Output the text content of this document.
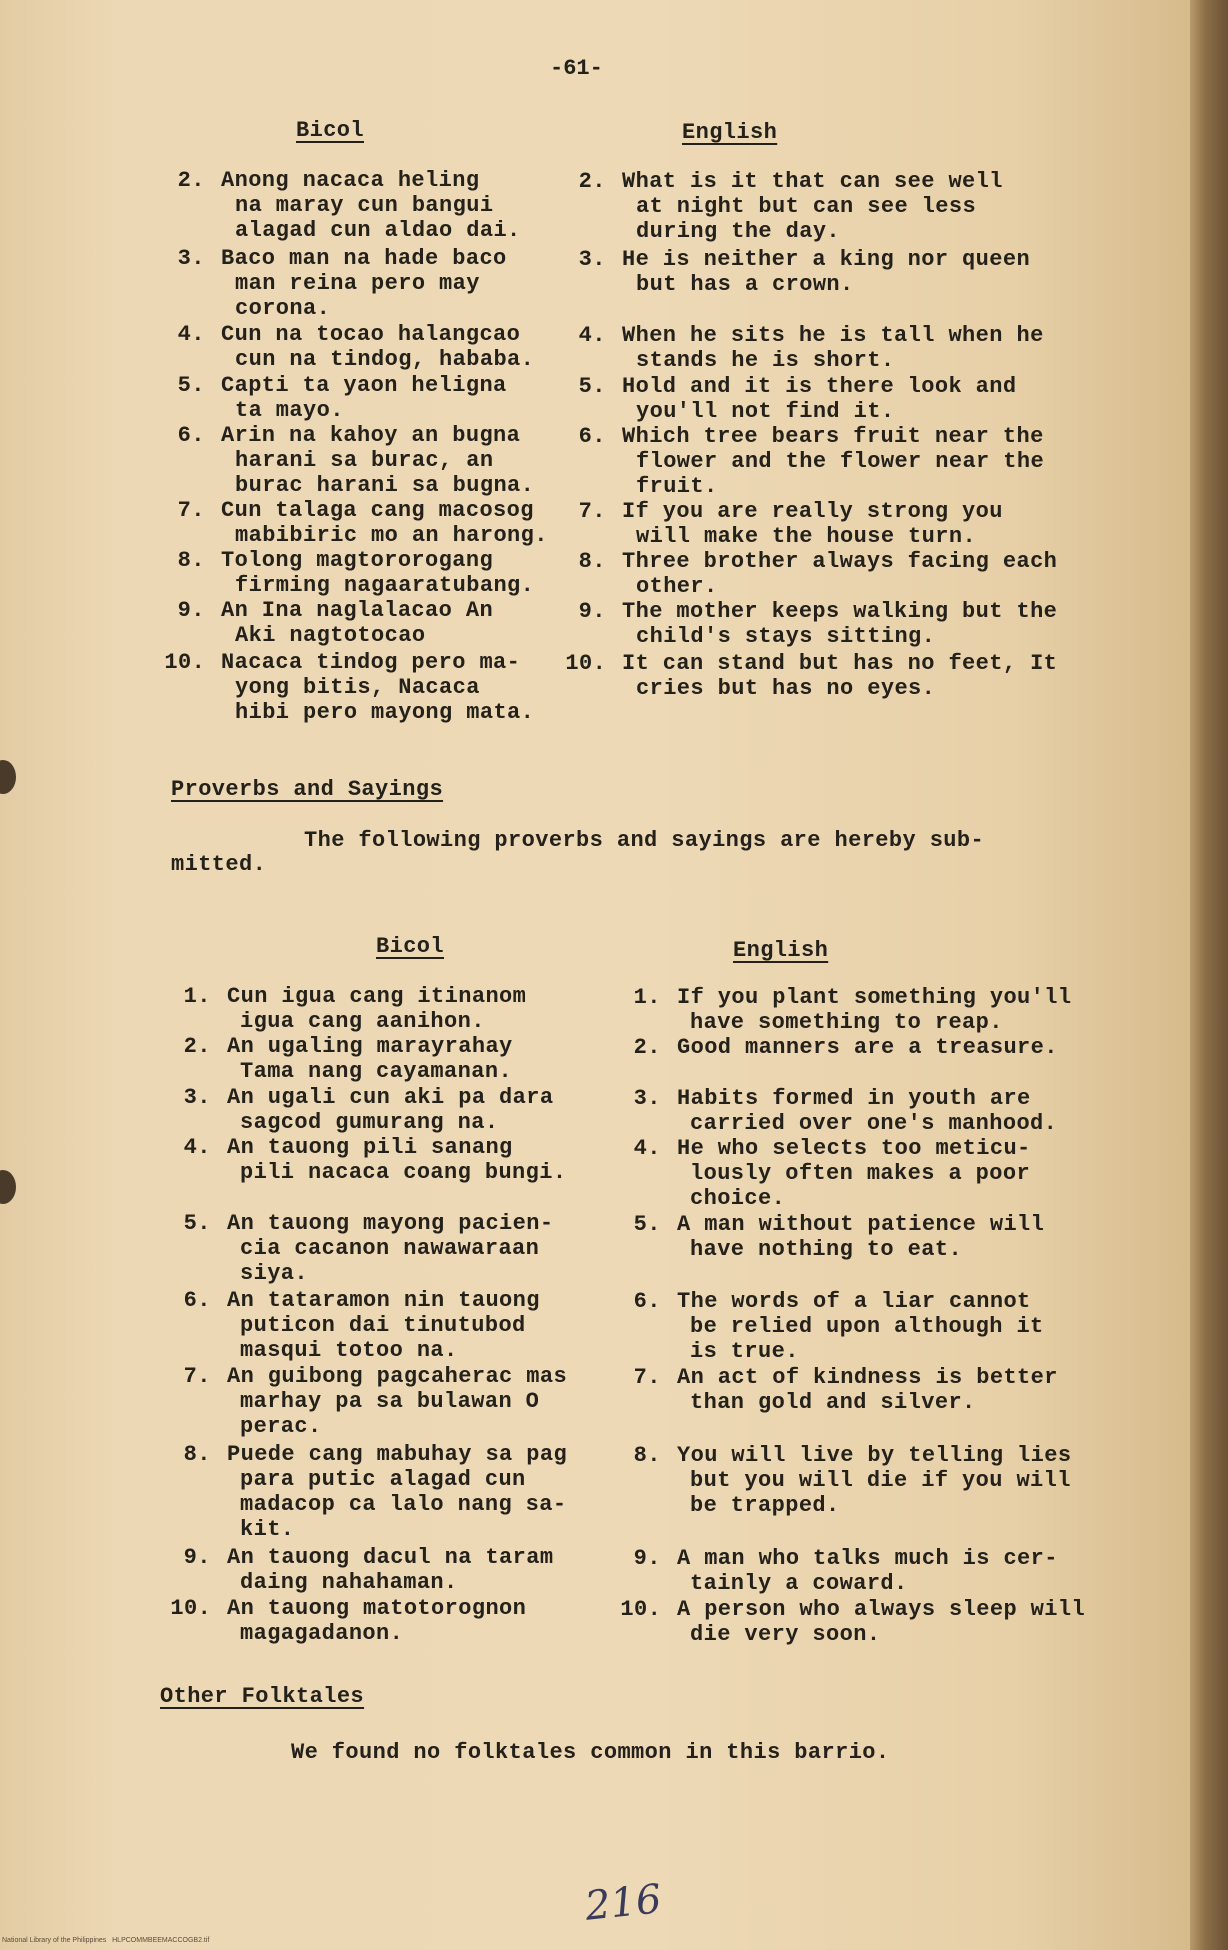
-61-
Bicol	English
2. Anong nacaca heling
na maray cun bangui
alagad cun aldao dai.
2. What is it that can see well
at night but can see less
during the day.
3. Baco man na hade baco
man reina pero may
corona.
3. He is neither a king nor queen
but has a crown.
4. Cun na tocao halangcao
cun na tindog, hababa.
4. When he sits he is tall when he
stands he is short.
5. Capti ta yaon heligna
ta mayo.
5. Hold and it is there look and
you'll not find it.
6. Arin na kahoy an bugna
harani sa burac, an
burac harani sa bugna.
6. Which tree bears fruit near the
flower and the flower near the
fruit.
7. Cun talaga cang macosog
mabibiric mo an harong.
7. If you are really strong you
will make the house turn.
8. Tolong magtororogang
firming nagaaratubang.
8. Three brother always facing each
other.
9. An Ina naglalacao An
Aki nagtotocao
9. The mother keeps walking but the
child's stays sitting.
10. Nacaca tindog pero ma-
yong bitis, Nacaca
hibi pero mayong mata.
10. It can stand but has no feet, It
cries but has no eyes.
Proverbs and Sayings
The following proverbs and sayings are hereby sub-
mitted.
Bicol	English
1. Cun igua cang itinanom
igua cang aanihon.
1. If you plant something you'll
have something to reap.
2. An ugaling marayrahay
Tama nang cayamanan.
2. Good manners are a treasure.
3. An ugali cun aki pa dara
sagcod gumurang na.
3. Habits formed in youth are
carried over one's manhood.
4. An tauong pili sanang
pili nacaca coang bungi.
4. He who selects too meticu-
lously often makes a poor
choice.
5. An tauong mayong pacien-
cia cacanon nawawaraan
siya.
5. A man without patience will
have nothing to eat.
6. An tataramon nin tauong
puticon dai tinutubod
masqui totoo na.
6. The words of a liar cannot
be relied upon although it
is true.
7. An guibong pagcaherac mas
marhay pa sa bulawan O
perac.
7. An act of kindness is better
than gold and silver.
8. Puede cang mabuhay sa pag
para putic alagad cun
madacop ca lalo nang sa-
kit.
8. You will live by telling lies
but you will die if you will
be trapped.
9. An tauong dacul na taram
daing nahahaman.
9. A man who talks much is cer-
tainly a coward.
10. An tauong matotorognon
magagadanon.
10. A person who always sleep will
die very soon.
Other Folktales
We found no folktales common in this barrio.
216
National Library of the Philippines   HLPCOMMBEEMACCOGB2.tif
